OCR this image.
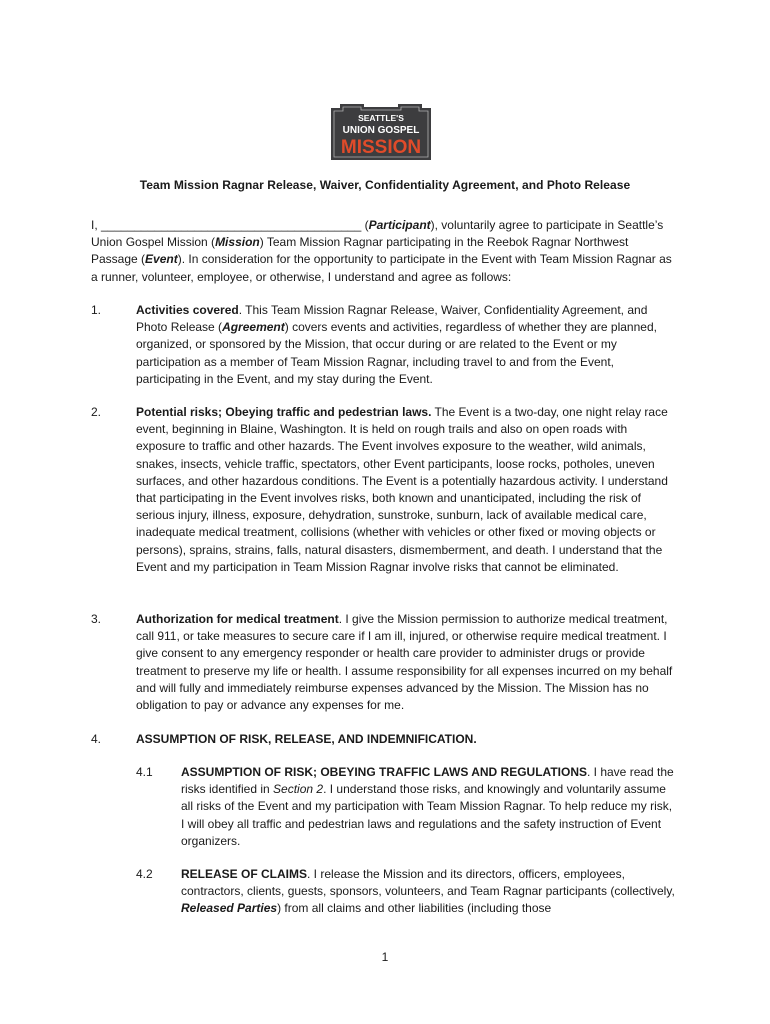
SEATTLE'S
UNION GOSPEL
MISSION
Team Mission Ragnar Release, Waiver, Confidentiality Agreement, and Photo Release
I, _______________________________________ (Participant), voluntarily agree to participate in Seattle’s Union Gospel Mission (Mission) Team Mission Ragnar participating in the Reebok Ragnar Northwest Passage (Event). In consideration for the opportunity to participate in the Event with Team Mission Ragnar as a runner, volunteer, employee, or otherwise, I understand and agree as follows:
1.	Activities covered. This Team Mission Ragnar Release, Waiver, Confidentiality Agreement, and Photo Release (Agreement) covers events and activities, regardless of whether they are planned, organized, or sponsored by the Mission, that occur during or are related to the Event or my participation as a member of Team Mission Ragnar, including travel to and from the Event, participating in the Event, and my stay during the Event.
2.	Potential risks; Obeying traffic and pedestrian laws. The Event is a two-day, one night relay race event, beginning in Blaine, Washington. It is held on rough trails and also on open roads with exposure to traffic and other hazards. The Event involves exposure to the weather, wild animals, snakes, insects, vehicle traffic, spectators, other Event participants, loose rocks, potholes, uneven surfaces, and other hazardous conditions. The Event is a potentially hazardous activity. I understand that participating in the Event involves risks, both known and unanticipated, including the risk of serious injury, illness, exposure, dehydration, sunstroke, sunburn, lack of available medical care, inadequate medical treatment, collisions (whether with vehicles or other fixed or moving objects or persons), sprains, strains, falls, natural disasters, dismemberment, and death. I understand that the Event and my participation in Team Mission Ragnar involve risks that cannot be eliminated.
3.	Authorization for medical treatment. I give the Mission permission to authorize medical treatment, call 911, or take measures to secure care if I am ill, injured, or otherwise require medical treatment. I give consent to any emergency responder or health care provider to administer drugs or provide treatment to preserve my life or health. I assume responsibility for all expenses incurred on my behalf and will fully and immediately reimburse expenses advanced by the Mission. The Mission has no obligation to pay or advance any expenses for me.
4.	ASSUMPTION OF RISK, RELEASE, AND INDEMNIFICATION.
4.1 ASSUMPTION OF RISK; OBEYING TRAFFIC LAWS AND REGULATIONS. I have read the risks identified in Section 2. I understand those risks, and knowingly and voluntarily assume all risks of the Event and my participation with Team Mission Ragnar. To help reduce my risk, I will obey all traffic and pedestrian laws and regulations and the safety instruction of Event organizers.
4.2 RELEASE OF CLAIMS. I release the Mission and its directors, officers, employees, contractors, clients, guests, sponsors, volunteers, and Team Ragnar participants (collectively, Released Parties) from all claims and other liabilities (including those
1
